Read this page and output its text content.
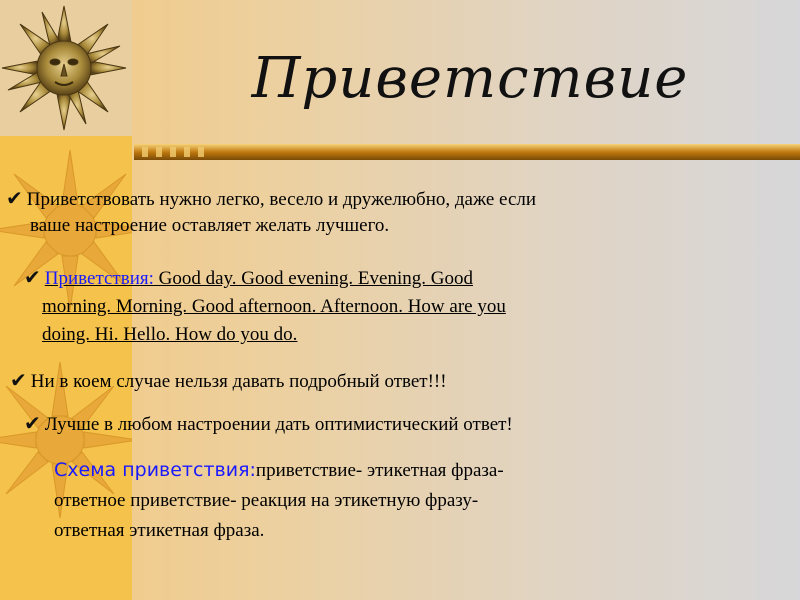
Приветствие
✔ Приветствовать нужно легко, весело и дружелюбно, даже если
ваше настроение оставляет желать лучшего.
✔ Приветствия: Good day. Good evening. Evening. Good
morning. Morning. Good afternoon. Afternoon. How are you
doing. Hi. Hello. How do you do.
✔ Ни в коем случае нельзя давать подробный ответ!!!
✔ Лучше в любом настроении дать оптимистический ответ!
Схема приветствия:приветствие- этикетная фраза-
ответное приветствие- реакция на этикетную фразу-
ответная этикетная фраза.
